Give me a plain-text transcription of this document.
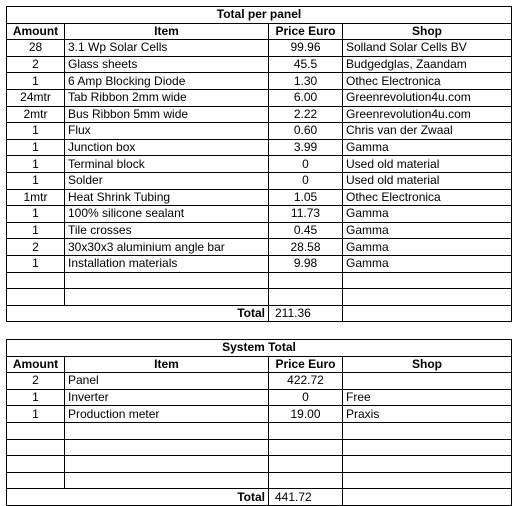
Total per panel			
Amount	Item	Price Euro	Shop
28	3.1 Wp Solar Cells	99.96	Solland Solar Cells BV
2	Glass sheets	45.5	Budgedglas, Zaandam
1	6 Amp Blocking Diode	1.30	Othec Electronica
24mtr	Tab Ribbon 2mm wide	6.00	Greenrevolution4u.com
2mtr	Bus Ribbon 5mm wide	2.22	Greenrevolution4u.com
1	Flux	0.60	Chris van der Zwaal
1	Junction box	3.99	Gamma
1	Terminal block	0	Used old material
1	Solder	0	Used old material
1mtr	Heat Shrink Tubing	1.05	Othec Electronica
1	100% silicone sealant	11.73	Gamma
1	Tile crosses	0.45	Gamma
2	30x30x3 aluminium angle bar	28.58	Gamma
1	Installation materials	9.98	Gamma

Total		211.36	
System Total			
Amount	Item	Price Euro	Shop
2	Panel	422.72	
1	Inverter	0	Free
1	Production meter	19.00	Praxis

Total		441.72	
